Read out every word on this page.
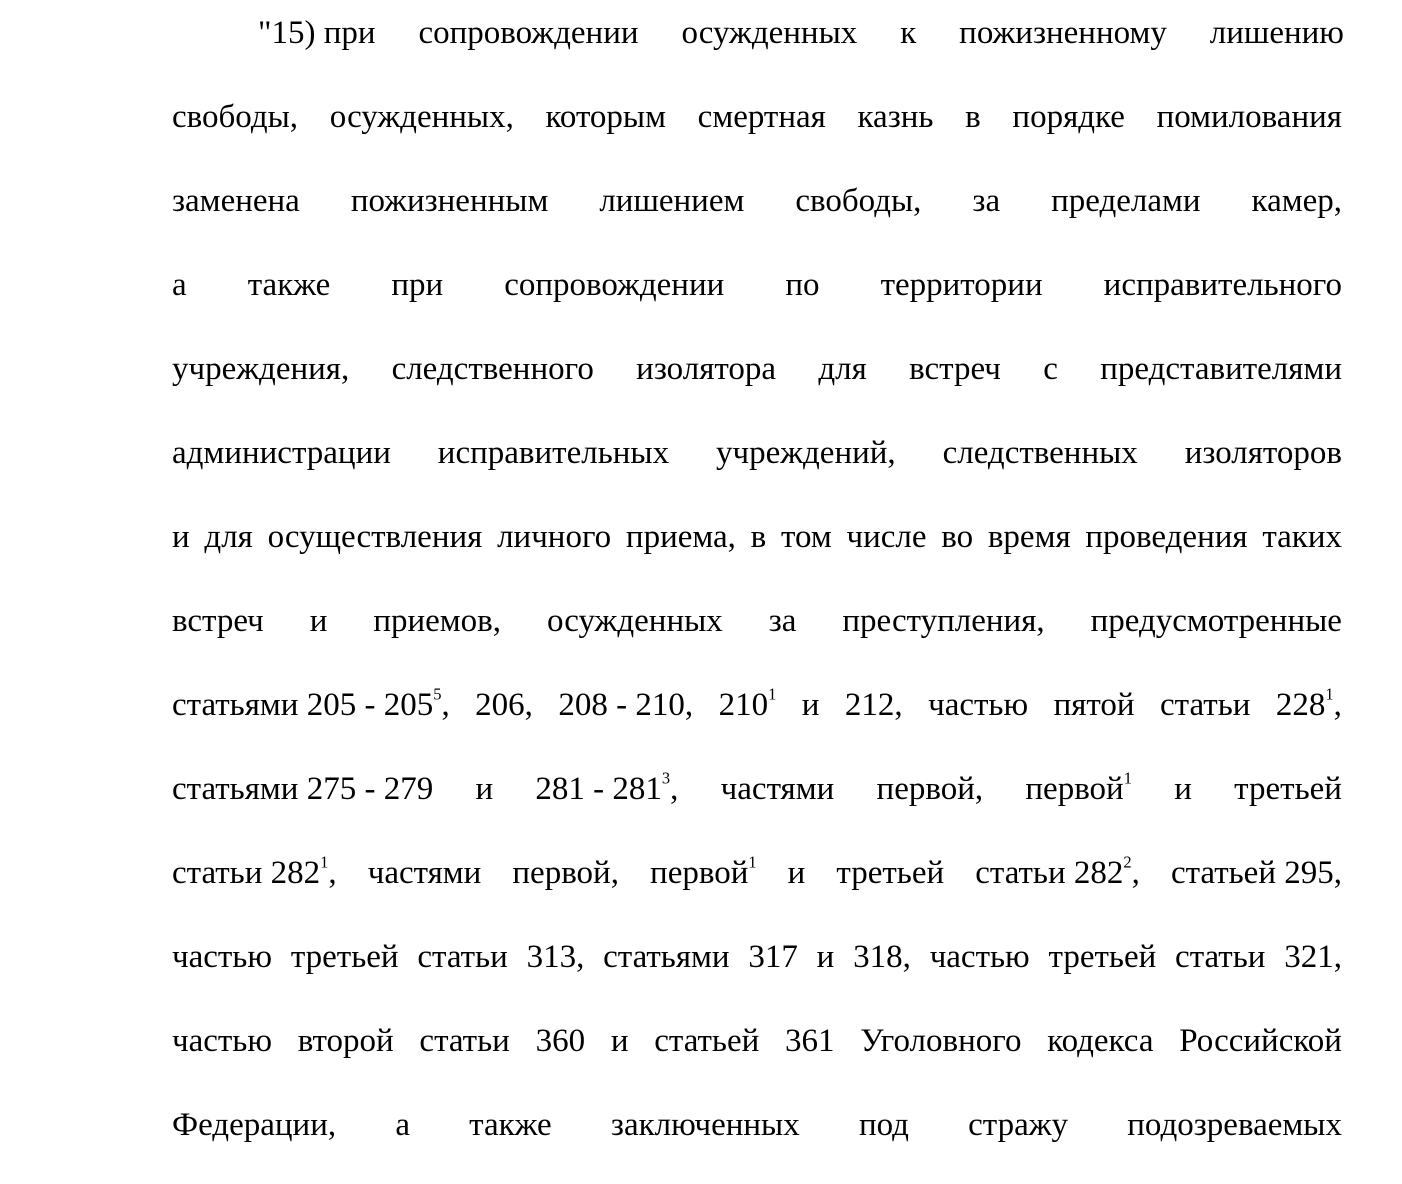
"15) при сопровождении осужденных к пожизненному лишению
свободы, осужденных, которым смертная казнь в порядке помилования
заменена пожизненным лишением свободы, за пределами камер,
а также при сопровождении по территории исправительного
учреждения, следственного изолятора для встреч с представителями
администрации исправительных учреждений, следственных изоляторов
и для осуществления личного приема, в том числе во время проведения таких
встреч и приемов, осужденных за преступления, предусмотренные
статьями $205 - 205^5$, 206, 208 - 210, $210^1$ и 212, частью пятой статьи $228^1$,
статьями 275 - 279 и $281 - 281^3$, частями первой, первой$^1$ и третьей
статьи $282^1$, частями первой, первой$^1$ и третьей статьи $282^2$, статьей 295,
частью третьей статьи 313, статьями 317 и 318, частью третьей статьи 321,
частью второй статьи 360 и статьей 361 Уголовного кодекса Российской
Федерации, а также заключенных под стражу подозреваемых
